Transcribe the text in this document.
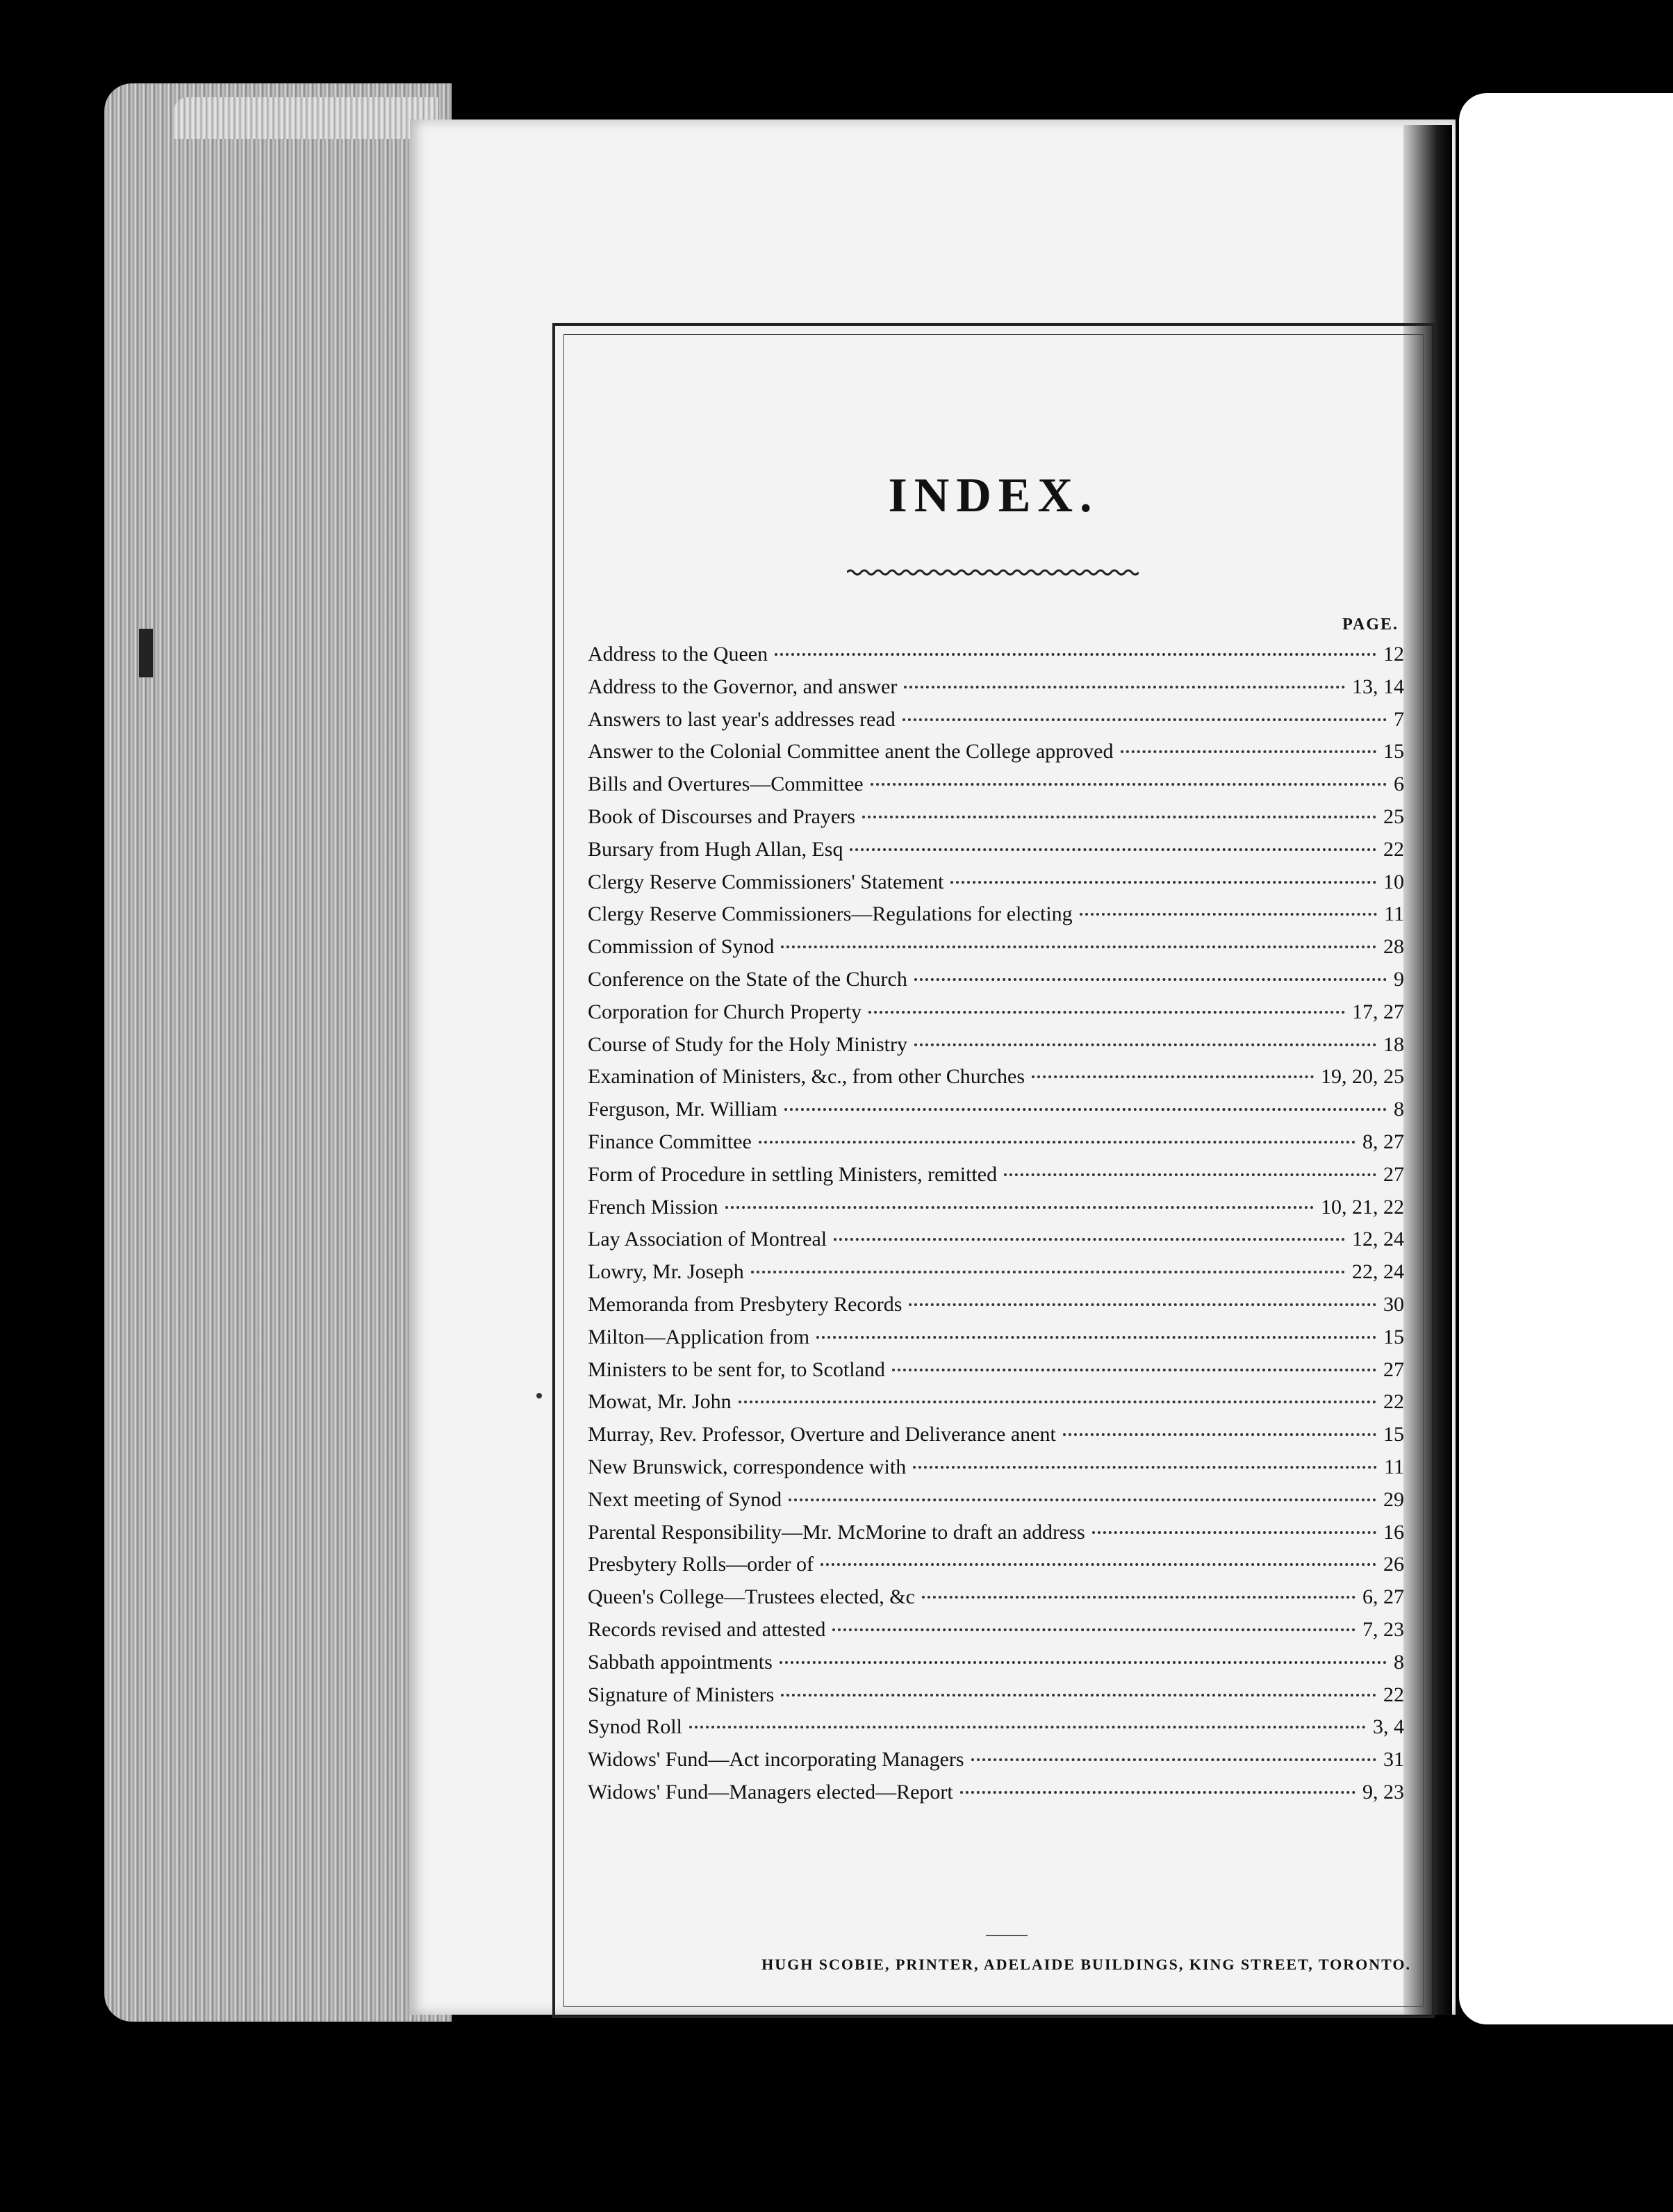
INDEX.
PAGE.
Address to the Queen	12
Address to the Governor, and answer	13, 14
Answers to last year's addresses read	7
Answer to the Colonial Committee anent the College approved	15
Bills and Overtures—Committee	6
Book of Discourses and Prayers	25
Bursary from Hugh Allan, Esq	22
Clergy Reserve Commissioners' Statement	10
Clergy Reserve Commissioners—Regulations for electing	11
Commission of Synod	28
Conference on the State of the Church	9
Corporation for Church Property	17, 27
Course of Study for the Holy Ministry	18
Examination of Ministers, &c., from other Churches	19, 20, 25
Ferguson, Mr. William	8
Finance Committee	8, 27
Form of Procedure in settling Ministers, remitted	27
French Mission	10, 21, 22
Lay Association of Montreal	12, 24
Lowry, Mr. Joseph	22, 24
Memoranda from Presbytery Records	30
Milton—Application from	15
Ministers to be sent for, to Scotland	27
Mowat, Mr. John	22
Murray, Rev. Professor, Overture and Deliverance anent	15
New Brunswick, correspondence with	11
Next meeting of Synod	29
Parental Responsibility—Mr. McMorine to draft an address	16
Presbytery Rolls—order of	26
Queen's College—Trustees elected, &c	6, 27
Records revised and attested	7, 23
Sabbath appointments	8
Signature of Ministers	22
Synod Roll	3, 4
Widows' Fund—Act incorporating Managers	31
Widows' Fund—Managers elected—Report	9, 23
HUGH SCOBIE, PRINTER, ADELAIDE BUILDINGS, KING STREET, TORONTO.
